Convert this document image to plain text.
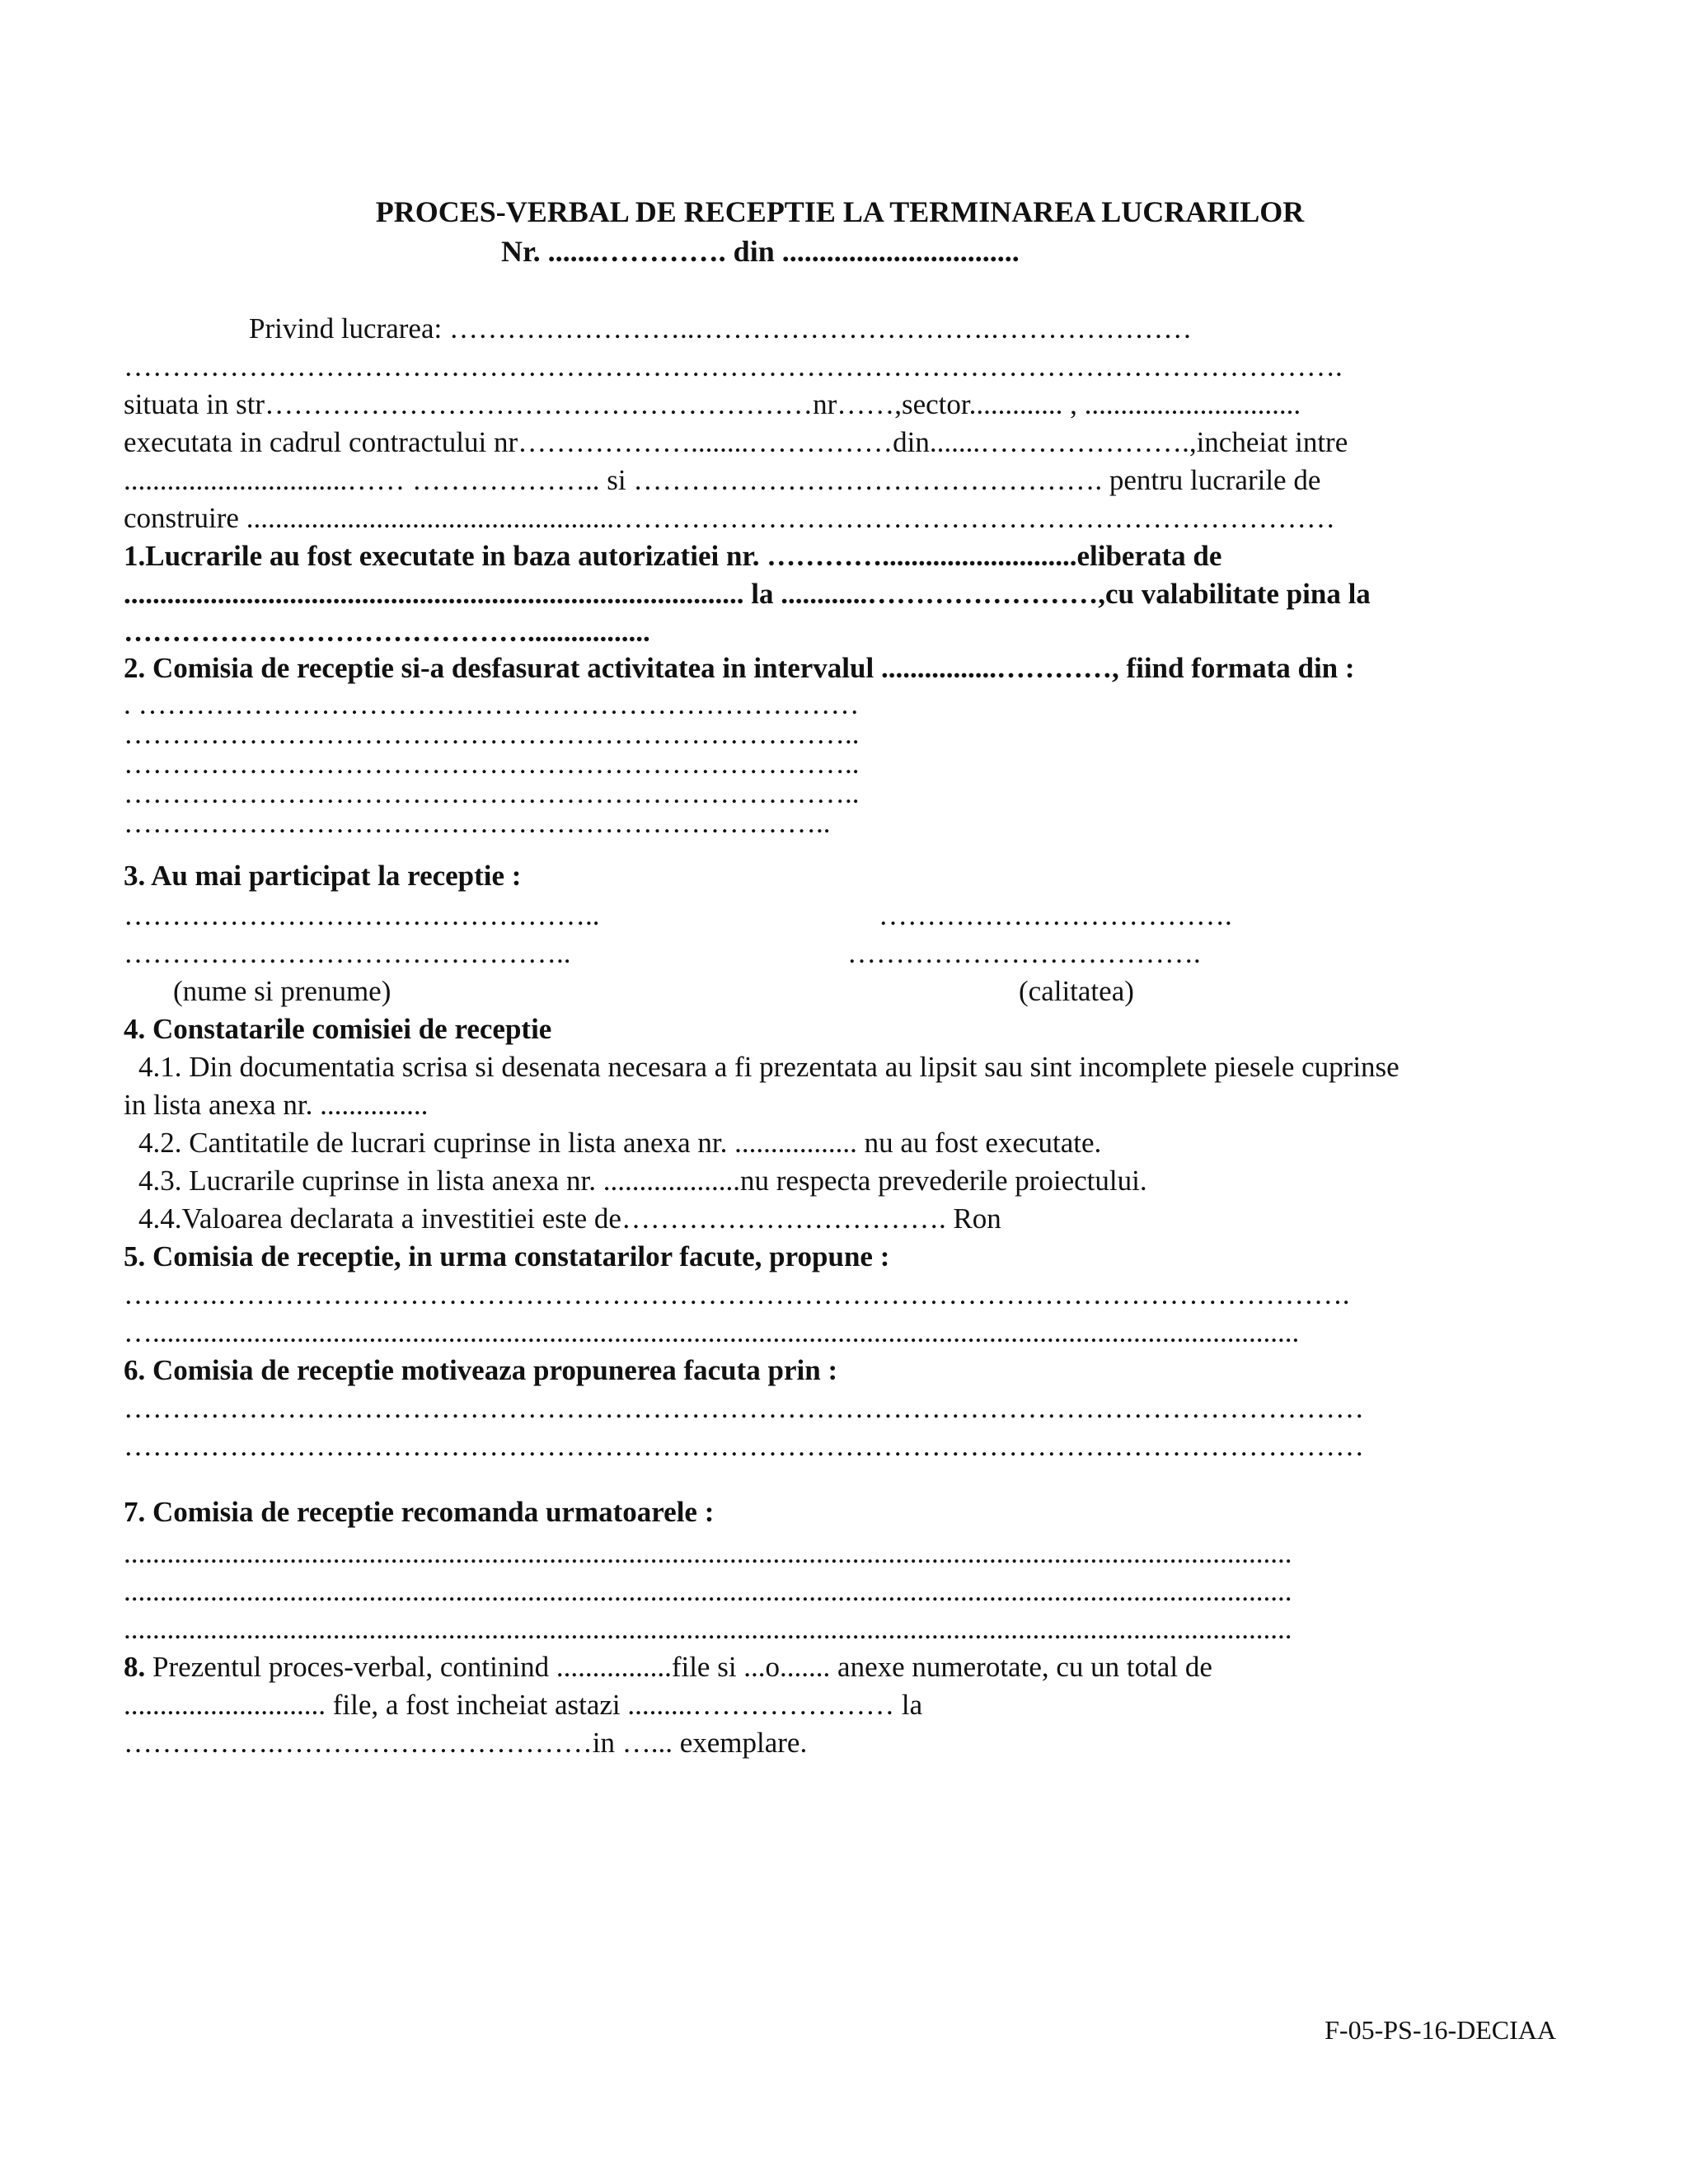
PROCES-VERBAL DE RECEPTIE LA TERMINAREA LUCRARILOR
Nr. .......…………. din ................................
Privind lucrarea: ……………………..………………………….…………………
……………………………………………………………………………………………………………….
situata in str…………………………………………………nr……,sector............. , ..............................
executata in cadrul contractului nr………………........……………din.......………………….,incheiat intre
...............................…… ……………….. si …………………………………………. pentru lucrarile de
construire ...................................................…………………………………………………………………
1.Lucrarile au fost executate in baza autorizatiei nr. …………...........................eliberata de
...................................................................................... la ............……………………,cu valabilitate pina la
…………………………………….................
2. Comisia de receptie si-a desfasurat activitatea in intervalul ................…………, fiind formata din :
. …………………………………………………………………
…………………………………………………………………..
…………………………………………………………………..
…………………………………………………………………..
………………………………………………………………..
3. Au mai participat la receptie :
…………………………………………..	……………………………….
………………………………………..	……………………………….
(nume si prenume)	(calitatea)
4. Constatarile comisiei de receptie
4.1. Din documentatia scrisa si desenata necesara a fi prezentata au lipsit sau sint incomplete piesele cuprinse
in lista anexa nr. ...............
4.2. Cantitatile de lucrari cuprinse in lista anexa nr. ................. nu au fost executate.
4.3. Lucrarile cuprinse in lista anexa nr. ...................nu respecta prevederile proiectului.
4.4.Valoarea declarata a investitiei este de……………………………. Ron
5. Comisia de receptie, in urma constatarilor facute, propune :
……….……………………………………………………………………………………………………….
…...............................................................................................................................................................
6. Comisia de receptie motiveaza propunerea facuta prin :
…………………………………………………………………………………………………………………
…………………………………………………………………………………………………………………
7. Comisia de receptie recomanda urmatoarele :
..................................................................................................................................................................
..................................................................................................................................................................
..................................................................................................................................................................
8. Prezentul proces-verbal, continind ................file si ...o....... anexe numerotate, cu un total de
............................ file, a fost incheiat astazi .........………………… la
…………….……………………………in …... exemplare.
F-05-PS-16-DECIAA
